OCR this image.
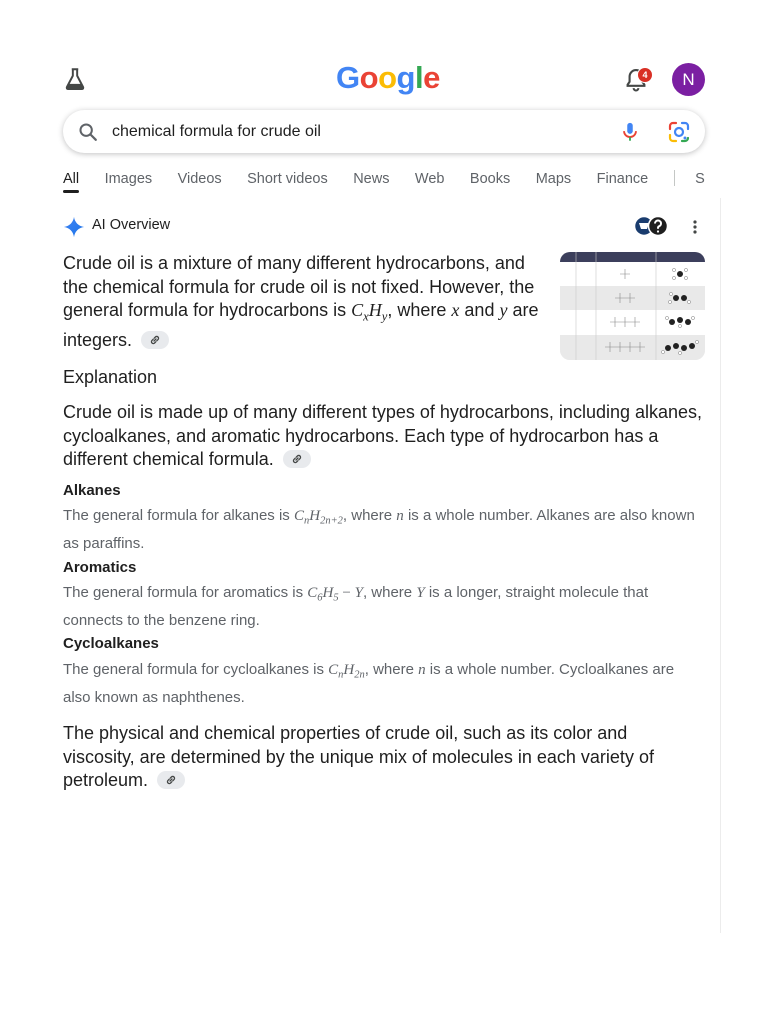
Google	4	N
chemical formula for crude oil
All Images Videos Short videos News Web Books Maps Finance	S
AI Overview
Crude oil is a mixture of many different hydrocarbons, and the chemical formula for crude oil is not fixed. However, the general formula for hydrocarbons is $C_xH_y$, where x and y are integers.
Explanation
Crude oil is made up of many different types of hydrocarbons, including alkanes, cycloalkanes, and aromatic hydrocarbons. Each type of hydrocarbon has a different chemical formula.
Alkanes
The general formula for alkanes is $C_nH_{2n+2}$, where n is a whole number. Alkanes are also known as paraffins.
Aromatics
The general formula for aromatics is $C_6H_5 - Y$, where Y is a longer, straight molecule that connects to the benzene ring.
Cycloalkanes
The general formula for cycloalkanes is $C_nH_{2n}$, where n is a whole number. Cycloalkanes are also known as naphthenes.
The physical and chemical properties of crude oil, such as its color and viscosity, are determined by the unique mix of molecules in each variety of petroleum.
